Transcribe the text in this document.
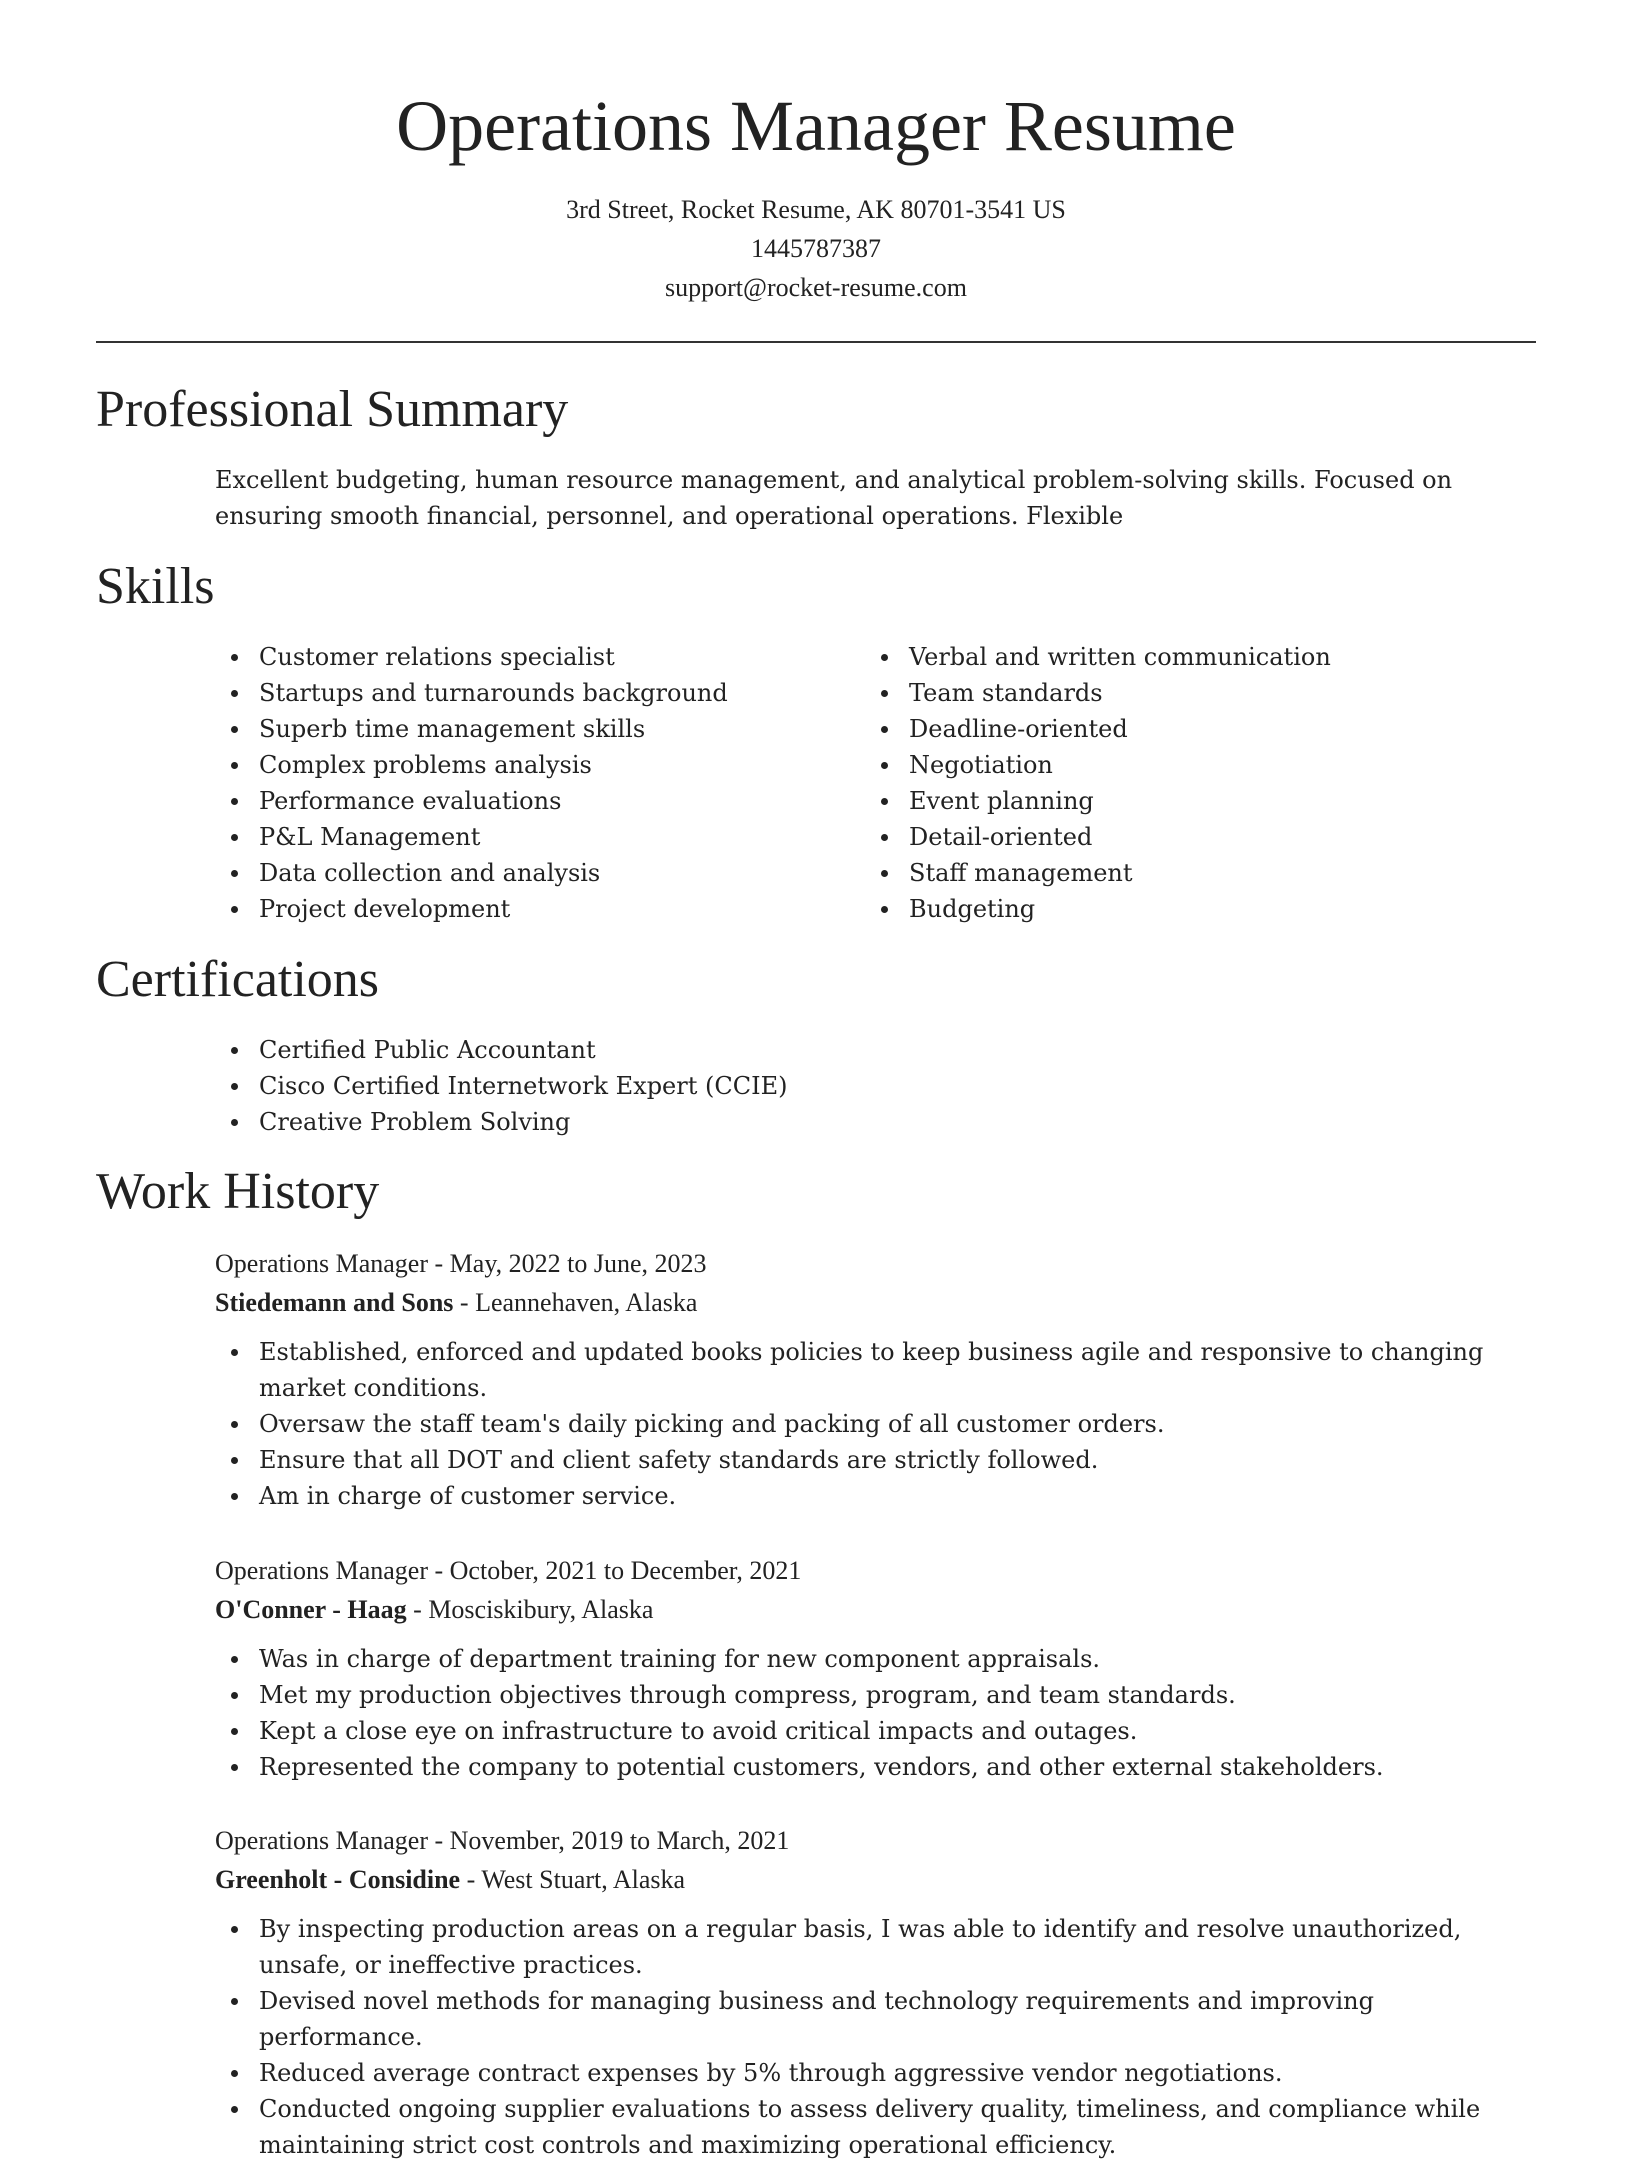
Operations Manager Resume
3rd Street, Rocket Resume, AK 80701-3541 US
1445787387
support@rocket-resume.com
Professional Summary

Excellent budgeting, human resource management, and analytical problem-solving skills. Focused on ensuring smooth financial, personnel, and operational operations. Flexible

Skills
Customer relations specialist
Startups and turnarounds background
Superb time management skills
Complex problems analysis
Performance evaluations
P&L Management
Data collection and analysis
Project development
Verbal and written communication
Team standards
Deadline-oriented
Negotiation
Event planning
Detail-oriented
Staff management
Budgeting
Certifications
Certified Public Accountant
Cisco Certified Internetwork Expert (CCIE)
Creative Problem Solving
Work History
Operations Manager - May, 2022 to June, 2023
Stiedemann and Sons - Leannehaven, Alaska
Established, enforced and updated books policies to keep business agile and responsive to changing market conditions.
Oversaw the staff team's daily picking and packing of all customer orders.
Ensure that all DOT and client safety standards are strictly followed.
Am in charge of customer service.
Operations Manager - October, 2021 to December, 2021
O'Conner - Haag - Mosciskibury, Alaska
Was in charge of department training for new component appraisals.
Met my production objectives through compress, program, and team standards.
Kept a close eye on infrastructure to avoid critical impacts and outages.
Represented the company to potential customers, vendors, and other external stakeholders.
Operations Manager - November, 2019 to March, 2021
Greenholt - Considine - West Stuart, Alaska
By inspecting production areas on a regular basis, I was able to identify and resolve unauthorized, unsafe, or ineffective practices.
Devised novel methods for managing business and technology requirements and improving performance.
Reduced average contract expenses by 5% through aggressive vendor negotiations.
Conducted ongoing supplier evaluations to assess delivery quality, timeliness, and compliance while maintaining strict cost controls and maximizing operational efficiency.
